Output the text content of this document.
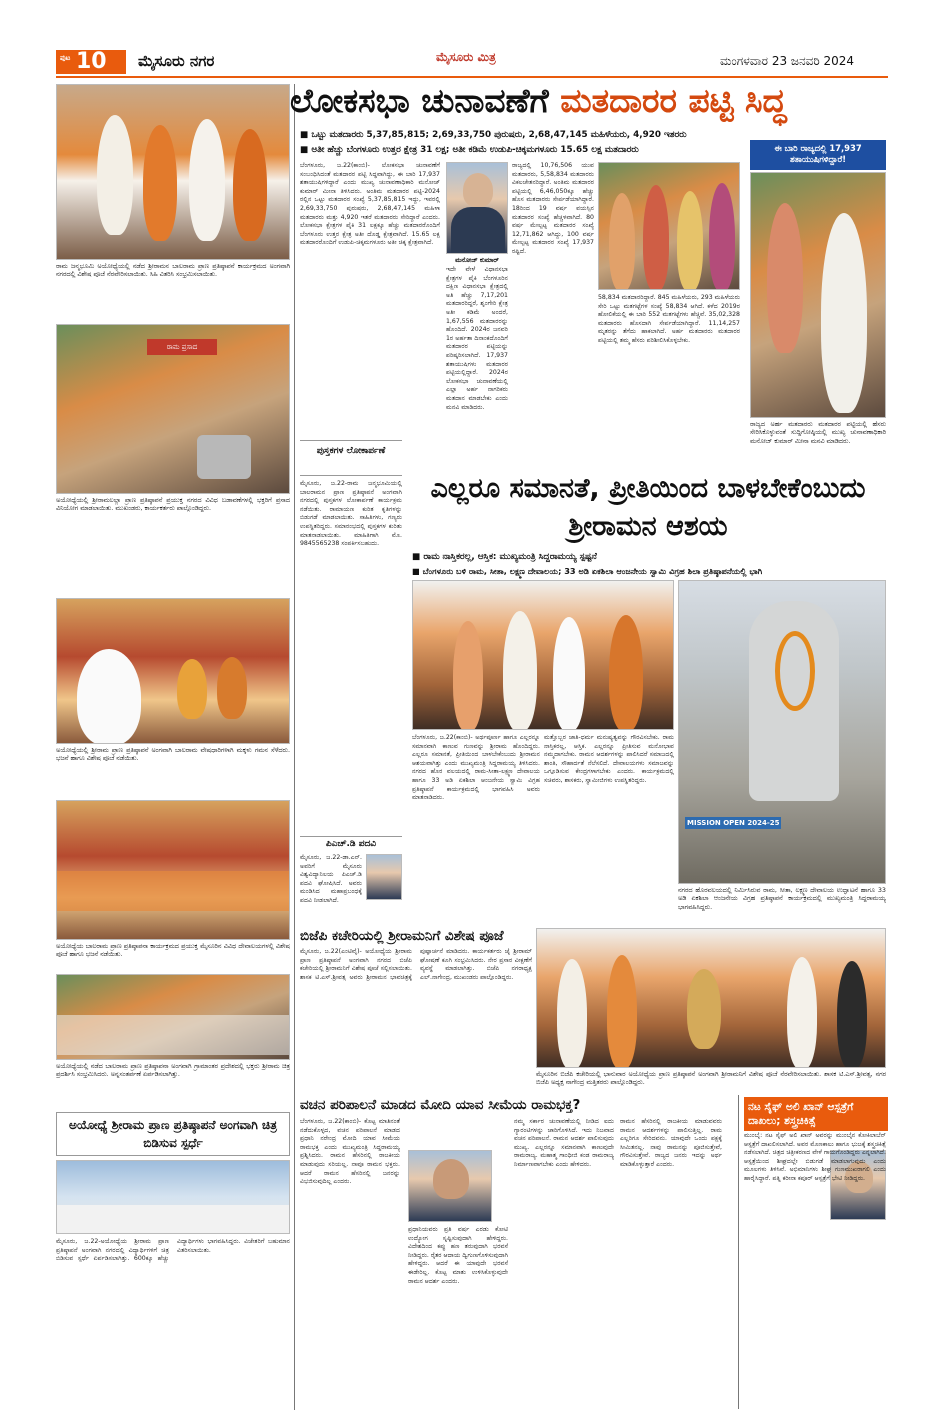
ಪುಟ 10 ಮೈಸೂರು ನಗರ	ಮೈಸೂರು ಮಿತ್ರ	ಮಂಗಳವಾರ 23 ಜನವರಿ 2024
ರಾಮ ಜನ್ಮಭೂಮಿ ಅಯೋಧ್ಯೆಯಲ್ಲಿ ನಡೆದ ಶ್ರೀರಾಮನ ಬಾಲರಾಮ ಪ್ರಾಣ ಪ್ರತಿಷ್ಠಾಪನೆ ಕಾರ್ಯಕ್ರಮದ ಅಂಗವಾಗಿ ನಗರದಲ್ಲಿ ವಿಶೇಷ ಪೂಜೆ ನೆರವೇರಿಸಲಾಯಿತು. ಸಿಹಿ ವಿತರಿಸಿ ಸಂಭ್ರಮಿಸಲಾಯಿತು.
ರಾಮ ಪ್ರಸಾದ
ಅಯೋಧ್ಯೆಯಲ್ಲಿ ಶ್ರೀರಾಮಲಲ್ಲಾ ಪ್ರಾಣ ಪ್ರತಿಷ್ಠಾಪನೆ ಪ್ರಯುಕ್ತ ನಗರದ ವಿವಿಧ ಬಡಾವಣೆಗಳಲ್ಲಿ ಭಕ್ತರಿಗೆ ಪ್ರಸಾದ ವಿನಿಯೋಗ ಮಾಡಲಾಯಿತು. ಮುಖಂಡರು, ಕಾರ್ಯಕರ್ತರು ಪಾಲ್ಗೊಂಡಿದ್ದರು.
ಅಯೋಧ್ಯೆಯಲ್ಲಿ ಶ್ರೀರಾಮ ಪ್ರಾಣ ಪ್ರತಿಷ್ಠಾಪನೆ ಅಂಗವಾಗಿ ಬಾಲರಾಮ ವೇಷಧಾರಿಗಳಾಗಿ ಮಕ್ಕಳು ಗಮನ ಸೆಳೆದರು. ಭಜನೆ ಹಾಗೂ ವಿಶೇಷ ಪೂಜೆ ನಡೆಯಿತು.
ಅಯೋಧ್ಯೆಯ ಬಾಲರಾಮ ಪ್ರಾಣ ಪ್ರತಿಷ್ಠಾಪನಾ ಕಾರ್ಯಕ್ರಮದ ಪ್ರಯುಕ್ತ ಮೈಸೂರಿನ ವಿವಿಧ ದೇವಾಲಯಗಳಲ್ಲಿ ವಿಶೇಷ ಪೂಜೆ ಹಾಗೂ ಭಜನೆ ನಡೆಯಿತು.
ಅಯೋಧ್ಯೆಯಲ್ಲಿ ನಡೆದ ಬಾಲರಾಮ ಪ್ರಾಣ ಪ್ರತಿಷ್ಠಾಪನಾ ಅಂಗವಾಗಿ ಗ್ರಾಮಾಂತರ ಪ್ರದೇಶದಲ್ಲಿ ಭಕ್ತರು ಶ್ರೀರಾಮ ಚಿತ್ರ ಪ್ರದರ್ಶಿಸಿ ಸಂಭ್ರಮಿಸಿದರು. ಅನ್ನಸಂತರ್ಪಣೆ ಏರ್ಪಡಿಸಲಾಗಿತ್ತು.
ಅಯೋಧ್ಯೆ ಶ್ರೀರಾಮ ಪ್ರಾಣ ಪ್ರತಿಷ್ಠಾಪನೆ ಅಂಗವಾಗಿ ಚಿತ್ರ ಬಿಡಿಸುವ ಸ್ಪರ್ಧೆ
ಮೈಸೂರು, ಜ.22-ಅಯೋಧ್ಯೆಯ ಶ್ರೀರಾಮ ಪ್ರಾಣ ಪ್ರತಿಷ್ಠಾಪನೆ ಅಂಗವಾಗಿ ನಗರದಲ್ಲಿ ವಿದ್ಯಾರ್ಥಿಗಳಿಗೆ ಚಿತ್ರ ಬಿಡಿಸುವ ಸ್ಪರ್ಧೆ ಏರ್ಪಡಿಸಲಾಗಿತ್ತು. 600ಕ್ಕೂ ಹೆಚ್ಚು ವಿದ್ಯಾರ್ಥಿಗಳು ಭಾಗವಹಿಸಿದ್ದರು. ವಿಜೇತರಿಗೆ ಬಹುಮಾನ ವಿತರಿಸಲಾಯಿತು.
ಲೋಕಸಭಾ ಚುನಾವಣೆಗೆ ಮತದಾರರ ಪಟ್ಟಿ ಸಿದ್ಧ
■ ಒಟ್ಟು ಮತದಾರರು 5,37,85,815; 2,69,33,750 ಪುರುಷರು, 2,68,47,145 ಮಹಿಳೆಯರು, 4,920 ಇತರರು
■ ಅತೀ ಹೆಚ್ಚು ಬೆಂಗಳೂರು ಉತ್ತರ ಕ್ಷೇತ್ರ 31 ಲಕ್ಷ; ಅತೀ ಕಡಿಮೆ ಉಡುಪಿ-ಚಿಕ್ಕಮಗಳೂರು 15.65 ಲಕ್ಷ ಮತದಾರರು
ಬೆಂಗಳೂರು, ಜ.22(ಕಾಂಬಿ)- ಲೋಕಸಭಾ ಚುನಾವಣೆಗೆ ಸಂಬಂಧಿಸಿದಂತೆ ಮತದಾರರ ಪಟ್ಟಿ ಸಿದ್ಧವಾಗಿದ್ದು, ಈ ಬಾರಿ 17,937 ಶತಾಯುಷಿಗಳಿದ್ದಾರೆ ಎಂದು ಮುಖ್ಯ ಚುನಾವಣಾಧಿಕಾರಿ ಮನೋಜ್ ಕುಮಾರ್ ಮೀನಾ ತಿಳಿಸಿದರು. ಅಂತಿಮ ಮತದಾರರ ಪಟ್ಟಿ-2024 ರಲ್ಲಿನ ಒಟ್ಟು ಮತದಾರರ ಸಂಖ್ಯೆ 5,37,85,815 ಇದ್ದು, ಇವರಲ್ಲಿ 2,69,33,750 ಪುರುಷರು, 2,68,47,145 ಮಹಿಳಾ ಮತದಾರರು ಮತ್ತು 4,920 ಇತರೆ ಮತದಾರರು ಸೇರಿದ್ದಾರೆ ಎಂದರು. ಲೋಕಸಭಾ ಕ್ಷೇತ್ರಗಳ ಪೈಕಿ 31 ಲಕ್ಷಕ್ಕೂ ಹೆಚ್ಚು ಮತದಾರರೊಂದಿಗೆ ಬೆಂಗಳೂರು ಉತ್ತರ ಕ್ಷೇತ್ರ ಅತೀ ದೊಡ್ಡ ಕ್ಷೇತ್ರವಾಗಿದೆ. 15.65 ಲಕ್ಷ ಮತದಾರರೊಂದಿಗೆ ಉಡುಪಿ-ಚಿಕ್ಕಮಗಳೂರು ಅತೀ ಚಿಕ್ಕ ಕ್ಷೇತ್ರವಾಗಿದೆ.
ಮನೋಜ್ ಕುಮಾರ್
ಇದೇ ವೇಳೆ ವಿಧಾನಸಭಾ ಕ್ಷೇತ್ರಗಳ ಪೈಕಿ ಬೆಂಗಳೂರಿನ ದಕ್ಷಿಣ ವಿಧಾನಸಭಾ ಕ್ಷೇತ್ರದಲ್ಲಿ ಅತಿ ಹೆಚ್ಚು 7,17,201 ಮತದಾರರಿದ್ದರೆ, ಶೃಂಗೇರಿ ಕ್ಷೇತ್ರ ಅತೀ ಕಡಿಮೆ ಅಂದರೆ, 1,67,556 ಮತದಾರರನ್ನು ಹೊಂದಿದೆ. 2024ರ ಜನವರಿ 1ರ ಅರ್ಹತಾ ದಿನಾಂಕದೊಂದಿಗೆ ಮತದಾರರ ಪಟ್ಟಿಯನ್ನು ಪರಿಷ್ಕರಿಸಲಾಗಿದೆ. 17,937 ಶತಾಯುಷಿಗಳು ಮತದಾರರ ಪಟ್ಟಿಯಲ್ಲಿದ್ದಾರೆ. 2024ರ ಲೋಕಸಭಾ ಚುನಾವಣೆಯಲ್ಲಿ ಎಲ್ಲಾ ಅರ್ಹ ನಾಗರಿಕರು ಮತದಾನ ಮಾಡಬೇಕು ಎಂದು ಮನವಿ ಮಾಡಿದರು.
ರಾಜ್ಯದಲ್ಲಿ 10,76,506 ಯುವ ಮತದಾರರು, 5,58,834 ಮತದಾರರು ವಿಕಲಚೇತನರಿದ್ದಾರೆ. ಅಂತಿಮ ಮತದಾರರ ಪಟ್ಟಿಯಲ್ಲಿ 6,46,050ಕ್ಕೂ ಹೆಚ್ಚು ಹೊಸ ಮತದಾರರು ಸೇರ್ಪಡೆಯಾಗಿದ್ದಾರೆ. 18ರಿಂದ 19 ವರ್ಷ ವಯಸ್ಸಿನ ಮತದಾರರ ಸಂಖ್ಯೆ ಹೆಚ್ಚಳವಾಗಿದೆ. 80 ವರ್ಷ ಮೇಲ್ಪಟ್ಟ ಮತದಾರರ ಸಂಖ್ಯೆ 12,71,862 ಆಗಿದ್ದು, 100 ವರ್ಷ ಮೇಲ್ಪಟ್ಟ ಮತದಾರರ ಸಂಖ್ಯೆ 17,937 ರಷ್ಟಿದೆ.
58,834 ಮತದಾರರಿದ್ದಾರೆ. 845 ಮಹಿಳೆಯರು, 293 ಮಹಿಳೆಯರು ಸೇರಿ ಒಟ್ಟು ಮತಗಟ್ಟೆಗಳ ಸಂಖ್ಯೆ 58,834 ಆಗಿದೆ. ಕಳೆದ 2019ರ ಹೋಲಿಕೆಯಲ್ಲಿ ಈ ಬಾರಿ 552 ಮತಗಟ್ಟೆಗಳು ಹೆಚ್ಚಿವೆ. 35,02,328 ಮತದಾರರು ಹೊಸದಾಗಿ ಸೇರ್ಪಡೆಯಾಗಿದ್ದಾರೆ. 11,14,257 ಮೃತರನ್ನು ತೆಗೆದು ಹಾಕಲಾಗಿದೆ. ಅರ್ಹ ಮತದಾರರು ಮತದಾರರ ಪಟ್ಟಿಯಲ್ಲಿ ತಮ್ಮ ಹೆಸರು ಪರಿಶೀಲಿಸಿಕೊಳ್ಳಬೇಕು.
ಈ ಬಾರಿ ರಾಜ್ಯದಲ್ಲಿ 17,937 ಶತಾಯುಷಿಗಳಿದ್ದಾರೆ!
ರಾಜ್ಯದ ಅರ್ಹ ಮತದಾರರು ಮತದಾರರ ಪಟ್ಟಿಯಲ್ಲಿ ಹೆಸರು ಸೇರಿಸಿಕೊಳ್ಳುವಂತೆ ಸುದ್ದಿಗೋಷ್ಠಿಯಲ್ಲಿ ಮುಖ್ಯ ಚುನಾವಣಾಧಿಕಾರಿ ಮನೋಜ್ ಕುಮಾರ್ ಮೀನಾ ಮನವಿ ಮಾಡಿದರು.
ಪುಸ್ತಕಗಳ ಲೋಕಾರ್ಪಣೆ
ಮೈಸೂರು, ಜ.22-ರಾಮ ಜನ್ಮಭೂಮಿಯಲ್ಲಿ ಬಾಲರಾಮನ ಪ್ರಾಣ ಪ್ರತಿಷ್ಠಾಪನೆ ಅಂಗವಾಗಿ ನಗರದಲ್ಲಿ ಪುಸ್ತಕಗಳ ಲೋಕಾರ್ಪಣೆ ಕಾರ್ಯಕ್ರಮ ನಡೆಯಿತು. ರಾಮಾಯಣ ಕುರಿತ ಕೃತಿಗಳನ್ನು ಬಿಡುಗಡೆ ಮಾಡಲಾಯಿತು. ಸಾಹಿತಿಗಳು, ಗಣ್ಯರು ಉಪಸ್ಥಿತರಿದ್ದರು. ಸಮಾರಂಭದಲ್ಲಿ ಪುಸ್ತಕಗಳ ಕುರಿತು ಮಾತನಾಡಲಾಯಿತು. ಮಾಹಿತಿಗಾಗಿ ಮೊ. 9845565238 ಸಂಪರ್ಕಿಸಬಹುದು.
ಪಿಎಚ್.ಡಿ ಪದವಿ
ಮೈಸೂರು, ಜ.22-ಡಾ.ಎನ್. ಅವರಿಗೆ ಮೈಸೂರು ವಿಶ್ವವಿದ್ಯಾನಿಲಯ ಪಿಎಚ್.ಡಿ ಪದವಿ ಘೋಷಿಸಿದೆ. ಅವರು ಮಂಡಿಸಿದ ಮಹಾಪ್ರಬಂಧಕ್ಕೆ ಪದವಿ ನೀಡಲಾಗಿದೆ.
ಎಲ್ಲರೂ ಸಮಾನತೆ, ಪ್ರೀತಿಯಿಂದ ಬಾಳಬೇಕೆಂಬುದು ಶ್ರೀರಾಮನ ಆಶಯ
■ ರಾಮ ನಾಸ್ತಿಕರಲ್ಲ, ಆಸ್ತಿಕ: ಮುಖ್ಯಮಂತ್ರಿ ಸಿದ್ದರಾಮಯ್ಯ ಸ್ಪಷ್ಟನೆ
■ ಬೆಂಗಳೂರು ಬಳಿ ರಾಮ, ಸೀತಾ, ಲಕ್ಷ್ಮಣ ದೇವಾಲಯ; 33 ಅಡಿ ಏಕಶಿಲಾ ಆಂಜನೇಯ ಸ್ವಾಮಿ ವಿಗ್ರಹ ಶಿಲಾ ಪ್ರತಿಷ್ಠಾಪನೆಯಲ್ಲಿ ಭಾಗಿ
ಬೆಂಗಳೂರು, ಜ.22(ಕಾಂಬಿ)- ಅರ್ಥಪೂರ್ಣ ಹಾಗೂ ಎಲ್ಲರನ್ನೂ ಸಮಾನವಾಗಿ ಕಾಣುವ ಗುಣವನ್ನು ಶ್ರೀರಾಮ ಹೊಂದಿದ್ದರು. ಎಲ್ಲರೂ ಸಮಾನತೆ, ಪ್ರೀತಿಯಿಂದ ಬಾಳಬೇಕೆಂಬುದು ಶ್ರೀರಾಮನ ಆಶಯವಾಗಿತ್ತು ಎಂದು ಮುಖ್ಯಮಂತ್ರಿ ಸಿದ್ದರಾಮಯ್ಯ ತಿಳಿಸಿದರು. ನಗರದ ಹೊರ ವಲಯದಲ್ಲಿ ರಾಮ-ಸೀತಾ-ಲಕ್ಷ್ಮಣ ದೇವಾಲಯ ಹಾಗೂ 33 ಅಡಿ ಏಕಶಿಲಾ ಆಂಜನೇಯ ಸ್ವಾಮಿ ವಿಗ್ರಹ ಪ್ರತಿಷ್ಠಾಪನೆ ಕಾರ್ಯಕ್ರಮದಲ್ಲಿ ಭಾಗವಹಿಸಿ ಅವರು ಮಾತನಾಡಿದರು.
ಮತ್ತೊಬ್ಬರ ಜಾತಿ-ಧರ್ಮ ಮನುಷ್ಯತ್ವವನ್ನು ಗೌರವಿಸಬೇಕು. ರಾಮ ನಾಸ್ತಿಕರಲ್ಲ, ಆಸ್ತಿಕ. ಎಲ್ಲರನ್ನೂ ಪ್ರೀತಿಸುವ ಮನೋಭಾವ ನಮ್ಮದಾಗಬೇಕು. ರಾಮನ ಆದರ್ಶಗಳನ್ನು ಪಾಲಿಸಿದರೆ ಸಮಾಜದಲ್ಲಿ ಶಾಂತಿ, ಸೌಹಾರ್ದತೆ ನೆಲೆಸಲಿದೆ. ದೇವಾಲಯಗಳು ಸಮಾಜವನ್ನು ಒಗ್ಗೂಡಿಸುವ ಕೇಂದ್ರಗಳಾಗಬೇಕು ಎಂದರು. ಕಾರ್ಯಕ್ರಮದಲ್ಲಿ ಸಚಿವರು, ಶಾಸಕರು, ಸ್ವಾಮೀಜಿಗಳು ಉಪಸ್ಥಿತರಿದ್ದರು.
MISSION OPEN 2024-25
ನಗರದ ಹೊರವಲಯದಲ್ಲಿ ನಿರ್ಮಿಸಿರುವ ರಾಮ, ಸೀತಾ, ಲಕ್ಷ್ಮಣ ದೇವಾಲಯ ಉದ್ಘಾಟನೆ ಹಾಗೂ 33 ಅಡಿ ಏಕಶಿಲಾ ಆಂಜನೇಯ ವಿಗ್ರಹ ಪ್ರತಿಷ್ಠಾಪನೆ ಕಾರ್ಯಕ್ರಮದಲ್ಲಿ ಮುಖ್ಯಮಂತ್ರಿ ಸಿದ್ದರಾಮಯ್ಯ ಭಾಗವಹಿಸಿದ್ದರು.
ಬಿಜೆಪಿ ಕಚೇರಿಯಲ್ಲಿ ಶ್ರೀರಾಮನಿಗೆ ವಿಶೇಷ ಪೂಜೆ
ಮೈಸೂರು, ಜ.22(ಎಂಟಿವೈ)- ಅಯೋಧ್ಯೆಯ ಶ್ರೀರಾಮ ಪ್ರಾಣ ಪ್ರತಿಷ್ಠಾಪನೆ ಅಂಗವಾಗಿ ನಗರದ ಬಿಜೆಪಿ ಕಚೇರಿಯಲ್ಲಿ ಶ್ರೀರಾಮನಿಗೆ ವಿಶೇಷ ಪೂಜೆ ಸಲ್ಲಿಸಲಾಯಿತು. ಶಾಸಕ ಟಿ.ಎಸ್.ಶ್ರೀವತ್ಸ ಅವರು ಶ್ರೀರಾಮನ ಭಾವಚಿತ್ರಕ್ಕೆ ಪುಷ್ಪಾರ್ಚನೆ ಮಾಡಿದರು. ಕಾರ್ಯಕರ್ತರು ಜೈ ಶ್ರೀರಾಮ್ ಘೋಷಣೆ ಕೂಗಿ ಸಂಭ್ರಮಿಸಿದರು. ನೇರ ಪ್ರಸಾರ ವೀಕ್ಷಣೆಗೆ ವ್ಯವಸ್ಥೆ ಮಾಡಲಾಗಿತ್ತು. ಬಿಜೆಪಿ ನಗರಾಧ್ಯಕ್ಷ ಎಲ್.ನಾಗೇಂದ್ರ, ಮುಖಂಡರು ಪಾಲ್ಗೊಂಡಿದ್ದರು.
ಮೈಸೂರಿನ ಬಿಜೆಪಿ ಕಚೇರಿಯಲ್ಲಿ ಭಾನುವಾರ ಅಯೋಧ್ಯೆಯ ಪ್ರಾಣ ಪ್ರತಿಷ್ಠಾಪನೆ ಅಂಗವಾಗಿ ಶ್ರೀರಾಮನಿಗೆ ವಿಶೇಷ ಪೂಜೆ ನೆರವೇರಿಸಲಾಯಿತು. ಶಾಸಕ ಟಿ.ಎಸ್.ಶ್ರೀವತ್ಸ, ನಗರ ಬಿಜೆಪಿ ಅಧ್ಯಕ್ಷ ನಾಗೇಂದ್ರ ಮತ್ತಿತರರು ಪಾಲ್ಗೊಂಡಿದ್ದರು.
ವಚನ ಪರಿಪಾಲನೆ ಮಾಡದ ಮೋದಿ ಯಾವ ಸೀಮೆಯ ರಾಮಭಕ್ತ?
ಬೆಂಗಳೂರು, ಜ.22(ಕಾಂಬಿ)- ಕೊಟ್ಟ ಮಾತಿನಂತೆ ನಡೆದುಕೊಳ್ಳದ, ವಚನ ಪರಿಪಾಲನೆ ಮಾಡದ ಪ್ರಧಾನಿ ನರೇಂದ್ರ ಮೋದಿ ಯಾವ ಸೀಮೆಯ ರಾಮಭಕ್ತ ಎಂದು ಮುಖ್ಯಮಂತ್ರಿ ಸಿದ್ದರಾಮಯ್ಯ ಪ್ರಶ್ನಿಸಿದರು. ರಾಮನ ಹೆಸರಿನಲ್ಲಿ ರಾಜಕೀಯ ಮಾಡುವುದು ಸರಿಯಲ್ಲ. ನಾವೂ ರಾಮನ ಭಕ್ತರು. ಆದರೆ ರಾಮನ ಹೆಸರಿನಲ್ಲಿ ಜನರನ್ನು ವಿಭಜಿಸುವುದಿಲ್ಲ ಎಂದರು.
ಪ್ರಧಾನಿಯವರು ಪ್ರತಿ ವರ್ಷ ಎರಡು ಕೋಟಿ ಉದ್ಯೋಗ ಸೃಷ್ಟಿಸುವುದಾಗಿ ಹೇಳಿದ್ದರು. ವಿದೇಶದಿಂದ ಕಪ್ಪು ಹಣ ತರುವುದಾಗಿ ಭರವಸೆ ನೀಡಿದ್ದರು. ರೈತರ ಆದಾಯ ದ್ವಿಗುಣಗೊಳಿಸುವುದಾಗಿ ಹೇಳಿದ್ದರು. ಆದರೆ ಈ ಯಾವುದೇ ಭರವಸೆ ಈಡೇರಿಲ್ಲ. ಕೊಟ್ಟ ಮಾತು ಉಳಿಸಿಕೊಳ್ಳುವುದೇ ರಾಮನ ಆದರ್ಶ ಎಂದರು.
ನಮ್ಮ ಸರ್ಕಾರ ಚುನಾವಣೆಯಲ್ಲಿ ನೀಡಿದ ಐದು ಗ್ಯಾರಂಟಿಗಳನ್ನು ಜಾರಿಗೊಳಿಸಿದೆ. ಇದು ನಿಜವಾದ ವಚನ ಪರಿಪಾಲನೆ. ರಾಮನ ಆದರ್ಶ ಪಾಲಿಸುವುದು ಮುಖ್ಯ. ಎಲ್ಲರನ್ನೂ ಸಮಾನವಾಗಿ ಕಾಣುವುದೇ ರಾಮರಾಜ್ಯ. ಮಹಾತ್ಮ ಗಾಂಧೀಜಿ ಕಂಡ ರಾಮರಾಜ್ಯ ನಿರ್ಮಾಣವಾಗಬೇಕು ಎಂದು ಹೇಳಿದರು.
ರಾಮನ ಹೆಸರಿನಲ್ಲಿ ರಾಜಕೀಯ ಮಾಡುವವರು ರಾಮನ ಆದರ್ಶಗಳನ್ನು ಪಾಲಿಸುತ್ತಿಲ್ಲ. ರಾಮ ಎಲ್ಲರಿಗೂ ಸೇರಿದವನು. ಯಾವುದೇ ಒಂದು ಪಕ್ಷಕ್ಕೆ ಸೀಮಿತನಲ್ಲ. ನಾವು ರಾಮನನ್ನು ಪೂಜಿಸುತ್ತೇವೆ, ಗೌರವಿಸುತ್ತೇವೆ. ರಾಜ್ಯದ ಜನರು ಇದನ್ನು ಅರ್ಥ ಮಾಡಿಕೊಳ್ಳುತ್ತಾರೆ ಎಂದರು.
ನಟ ಸೈಫ್ ಅಲಿ ಖಾನ್ ಆಸ್ಪತ್ರೆಗೆ ದಾಖಲು; ಶಸ್ತ್ರಚಿಕಿತ್ಸೆ
ಮುಂಬೈ: ನಟ ಸೈಫ್ ಅಲಿ ಖಾನ್ ಅವರನ್ನು ಮುಂಬೈನ ಕೋಕಿಲಾಬೆನ್ ಆಸ್ಪತ್ರೆಗೆ ದಾಖಲಿಸಲಾಗಿದೆ. ಅವರ ಮೊಣಕಾಲು ಹಾಗೂ ಭುಜಕ್ಕೆ ಶಸ್ತ್ರಚಿಕಿತ್ಸೆ ನಡೆಸಲಾಗಿದೆ. ಚಿತ್ರದ ಚಿತ್ರೀಕರಣದ ವೇಳೆ ಗಾಯಗೊಂಡಿದ್ದರು ಎನ್ನಲಾಗಿದೆ. ಆಸ್ಪತ್ರೆಯಿಂದ ಶೀಘ್ರದಲ್ಲೇ ಬಿಡುಗಡೆ ಮಾಡಲಾಗುವುದು ಎಂದು ಮೂಲಗಳು ತಿಳಿಸಿವೆ. ಅಭಿಮಾನಿಗಳು ಶೀಘ್ರ ಗುಣಮುಖರಾಗಲಿ ಎಂದು ಹಾರೈಸಿದ್ದಾರೆ. ಪತ್ನಿ ಕರೀನಾ ಕಪೂರ್ ಆಸ್ಪತ್ರೆಗೆ ಭೇಟಿ ನೀಡಿದ್ದರು.
